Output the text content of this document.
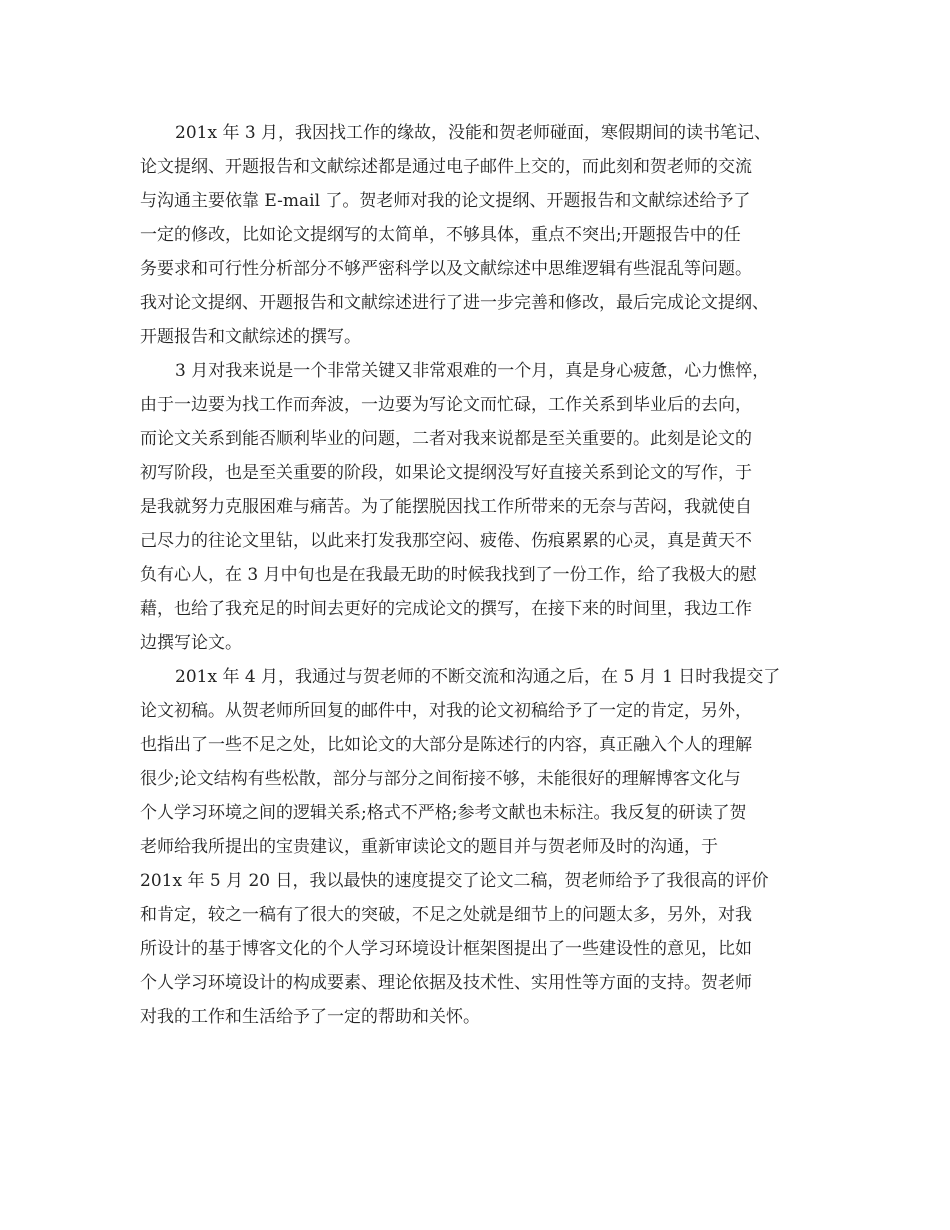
201x 年 3 月，我因找工作的缘故，没能和贺老师碰面，寒假期间的读书笔记、
论文提纲、开题报告和文献综述都是通过电子邮件上交的，而此刻和贺老师的交流
与沟通主要依靠 E-mail 了。贺老师对我的论文提纲、开题报告和文献综述给予了
一定的修改，比如论文提纲写的太简单，不够具体，重点不突出;开题报告中的任
务要求和可行性分析部分不够严密科学以及文献综述中思维逻辑有些混乱等问题。
我对论文提纲、开题报告和文献综述进行了进一步完善和修改，最后完成论文提纲、
开题报告和文献综述的撰写。
3 月对我来说是一个非常关键又非常艰难的一个月，真是身心疲惫，心力憔悴，
由于一边要为找工作而奔波，一边要为写论文而忙碌，工作关系到毕业后的去向，
而论文关系到能否顺利毕业的问题，二者对我来说都是至关重要的。此刻是论文的
初写阶段，也是至关重要的阶段，如果论文提纲没写好直接关系到论文的写作，于
是我就努力克服困难与痛苦。为了能摆脱因找工作所带来的无奈与苦闷，我就使自
己尽力的往论文里钻，以此来打发我那空闷、疲倦、伤痕累累的心灵，真是黄天不
负有心人，在 3 月中旬也是在我最无助的时候我找到了一份工作，给了我极大的慰
藉，也给了我充足的时间去更好的完成论文的撰写，在接下来的时间里，我边工作
边撰写论文。
201x 年 4 月，我通过与贺老师的不断交流和沟通之后，在 5 月 1 日时我提交了
论文初稿。从贺老师所回复的邮件中，对我的论文初稿给予了一定的肯定，另外，
也指出了一些不足之处，比如论文的大部分是陈述行的内容，真正融入个人的理解
很少;论文结构有些松散，部分与部分之间衔接不够，未能很好的理解博客文化与
个人学习环境之间的逻辑关系;格式不严格;参考文献也未标注。我反复的研读了贺
老师给我所提出的宝贵建议，重新审读论文的题目并与贺老师及时的沟通，于
201x 年 5 月 20 日，我以最快的速度提交了论文二稿，贺老师给予了我很高的评价
和肯定，较之一稿有了很大的突破，不足之处就是细节上的问题太多，另外，对我
所设计的基于博客文化的个人学习环境设计框架图提出了一些建设性的意见，比如
个人学习环境设计的构成要素、理论依据及技术性、实用性等方面的支持。贺老师
对我的工作和生活给予了一定的帮助和关怀。
